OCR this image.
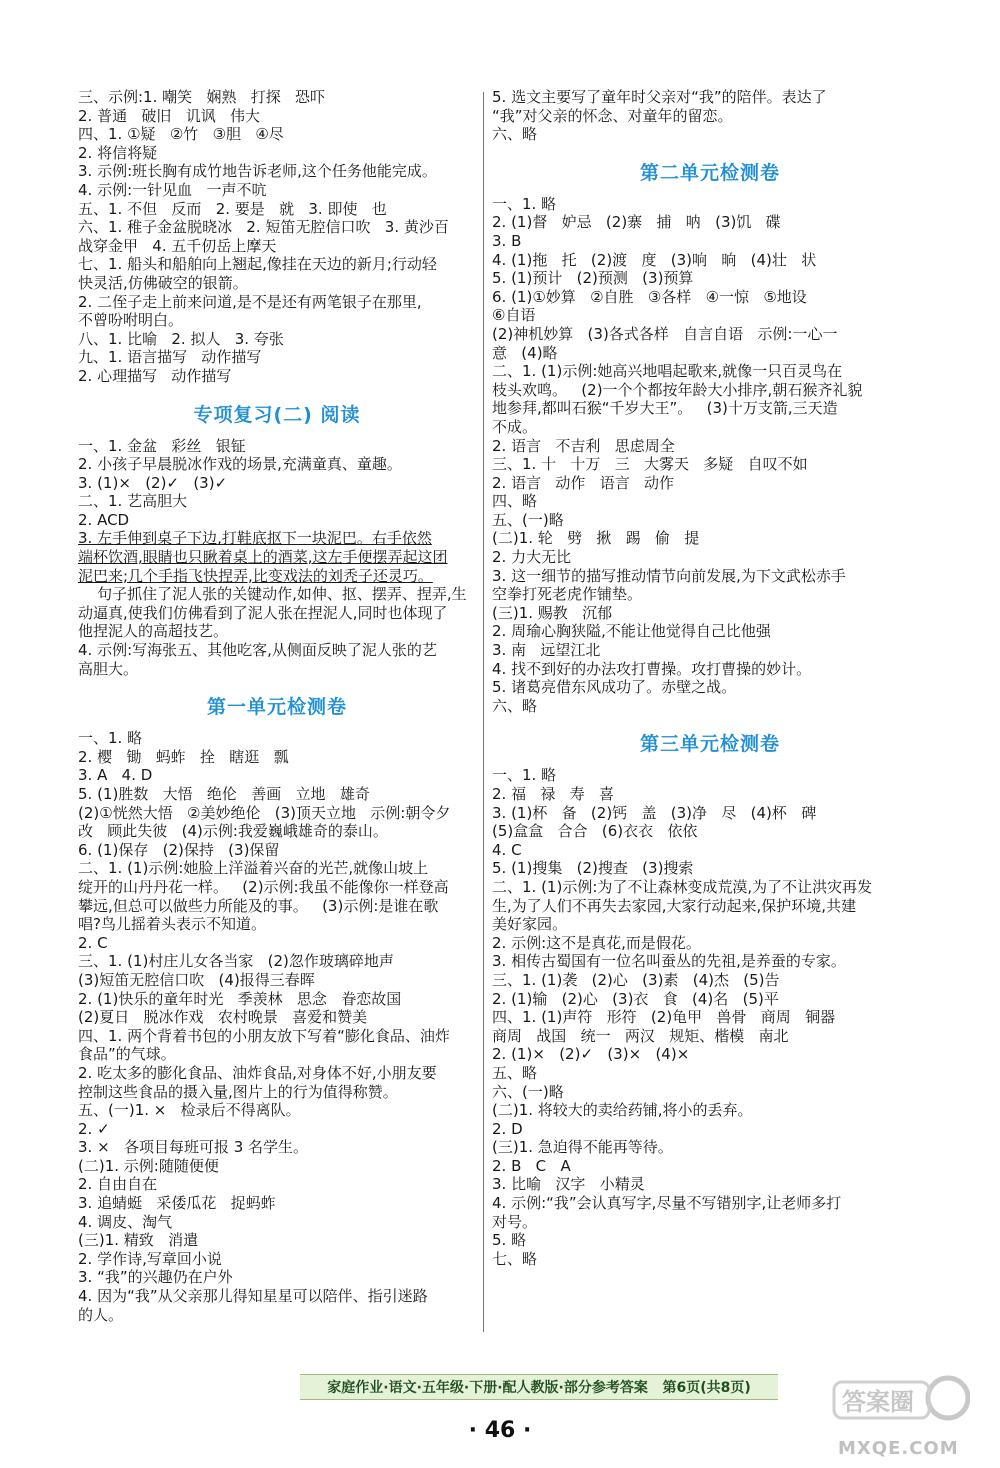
三、示例:1. 嘲笑   娴熟   打探   恐吓
2. 普通   破旧   讥讽   伟大
四、1. ①疑   ②竹   ③胆   ④尽
2. 将信将疑
3. 示例:班长胸有成竹地告诉老师,这个任务他能完成。
4. 示例:一针见血   一声不吭
五、1. 不但   反而   2. 要是   就   3. 即使   也
六、1. 稚子金盆脱晓冰   2. 短笛无腔信口吹   3. 黄沙百
战穿金甲   4. 五千仞岳上摩天
七、1. 船头和船舶向上翘起,像挂在天边的新月;行动轻
快灵活,仿佛破空的银箭。
2. 二侄子走上前来问道,是不是还有两笔银子在那里,
不曾吩咐明白。
八、1. 比喻   2. 拟人   3. 夸张
九、1. 语言描写   动作描写
2. 心理描写   动作描写
专项复习(二) 阅读
一、1. 金盆   彩丝   银钲
2. 小孩子早晨脱冰作戏的场景,充满童真、童趣。
3. (1)×   (2)✓   (3)✓
二、1. 艺高胆大
2. ACD
3. 左手伸到桌子下边,打鞋底抠下一块泥巴。右手依然
端杯饮酒,眼睛也只瞅着桌上的酒菜,这左手便摆弄起这团
泥巴来;几个手指飞快捏弄,比变戏法的刘秃子还灵巧。
句子抓住了泥人张的关键动作,如伸、抠、摆弄、捏弄,生
动逼真,使我们仿佛看到了泥人张在捏泥人,同时也体现了
他捏泥人的高超技艺。
4. 示例:写海张五、其他吃客,从侧面反映了泥人张的艺
高胆大。
第一单元检测卷
一、1. 略
2. 樱   锄   蚂蚱   拴   瞎逛   瓢
3. A   4. D
5. (1)胜数   大悟   绝伦   善画   立地   雄奇
(2)①恍然大悟   ②美妙绝伦   (3)顶天立地   示例:朝令夕
改   顾此失彼   (4)示例:我爱巍峨雄奇的泰山。
6. (1)保存   (2)保持   (3)保留
二、1. (1)示例:她脸上洋溢着兴奋的光芒,就像山坡上
绽开的山丹丹花一样。   (2)示例:我虽不能像你一样登高
攀远,但总可以做些力所能及的事。   (3)示例:是谁在歌
唱?鸟儿摇着头表示不知道。
2. C
三、1. (1)村庄儿女各当家   (2)忽作玻璃碎地声
(3)短笛无腔信口吹   (4)报得三春晖
2. (1)快乐的童年时光   季羡林   思念   眷恋故国
(2)夏日   脱冰作戏   农村晚景   喜爱和赞美
四、1. 两个背着书包的小朋友放下写着“膨化食品、油炸
食品”的气球。
2. 吃太多的膨化食品、油炸食品,对身体不好,小朋友要
控制这些食品的摄入量,图片上的行为值得称赞。
五、(一)1. ×   检录后不得离队。
2. ✓
3. ×   各项目每班可报 3 名学生。
(二)1. 示例:随随便便
2. 自由自在
3. 追蜻蜓   采倭瓜花   捉蚂蚱
4. 调皮、淘气
(三)1. 精致   消遣
2. 学作诗,写章回小说
3. “我”的兴趣仍在户外
4. 因为“我”从父亲那儿得知星星可以陪伴、指引迷路
的人。
5. 选文主要写了童年时父亲对“我”的陪伴。表达了
“我”对父亲的怀念、对童年的留恋。
六、略
第二单元检测卷
一、1. 略
2. (1)督   妒忌   (2)寨   捕   呐   (3)饥   碟
3. B
4. (1)拖   托   (2)渡   度   (3)响   晌   (4)壮   状
5. (1)预计   (2)预测   (3)预算
6. (1)①妙算   ②自胜   ③各样   ④一惊   ⑤地设
⑥自语
(2)神机妙算   (3)各式各样   自言自语   示例:一心一
意   (4)略
二、1. (1)示例:她高兴地唱起歌来,就像一只百灵鸟在
枝头欢鸣。   (2)一个个都按年龄大小排序,朝石猴齐礼貌
地参拜,都叫石猴“千岁大王”。   (3)十万支箭,三天造
不成。
2. 语言   不吉利   思虑周全
三、1. 十   十万   三   大雾天   多疑   自叹不如
2. 语言   动作   语言   动作
四、略
五、(一)略
(二)1. 轮   劈   揪   踢   偷   提
2. 力大无比
3. 这一细节的描写推动情节向前发展,为下文武松赤手
空拳打死老虎作铺垫。
(三)1. 赐教   沉郁
2. 周瑜心胸狭隘,不能让他觉得自己比他强
3. 南   远望江北
4. 找不到好的办法攻打曹操。攻打曹操的妙计。
5. 诸葛亮借东风成功了。赤壁之战。
六、略
第三单元检测卷
一、1. 略
2. 福   禄   寿   喜
3. (1)杯   备   (2)钙   盖   (3)净   尽   (4)杯   碑
(5)盒盒   合合   (6)衣衣   依依
4. C
5. (1)搜集   (2)搜查   (3)搜索
二、1. (1)示例:为了不让森林变成荒漠,为了不让洪灾再发
生,为了人们不再失去家园,大家行动起来,保护环境,共建
美好家园。
2. 示例:这不是真花,而是假花。
3. 相传古蜀国有一位名叫蚕丛的先祖,是养蚕的专家。
三、1. (1)袭   (2)心   (3)素   (4)杰   (5)告
2. (1)输   (2)心   (3)衣   食   (4)名   (5)平
四、1. (1)声符   形符   (2)龟甲   兽骨   商周   铜器
商周   战国   统一   两汉   规矩、楷模   南北
2. (1)×   (2)✓   (3)×   (4)×
五、略
六、(一)略
(二)1. 将较大的卖给药铺,将小的丢弃。
2. D
(三)1. 急迫得不能再等待。
2. B   C   A
3. 比喻   汉字   小精灵
4. 示例:“我”会认真写字,尽量不写错别字,让老师多打
对号。
5. 略
七、略
家庭作业·语文·五年级·下册·配人教版·部分参考答案   第6页(共8页)
· 46 ·
答案圈
MXQE.COM
